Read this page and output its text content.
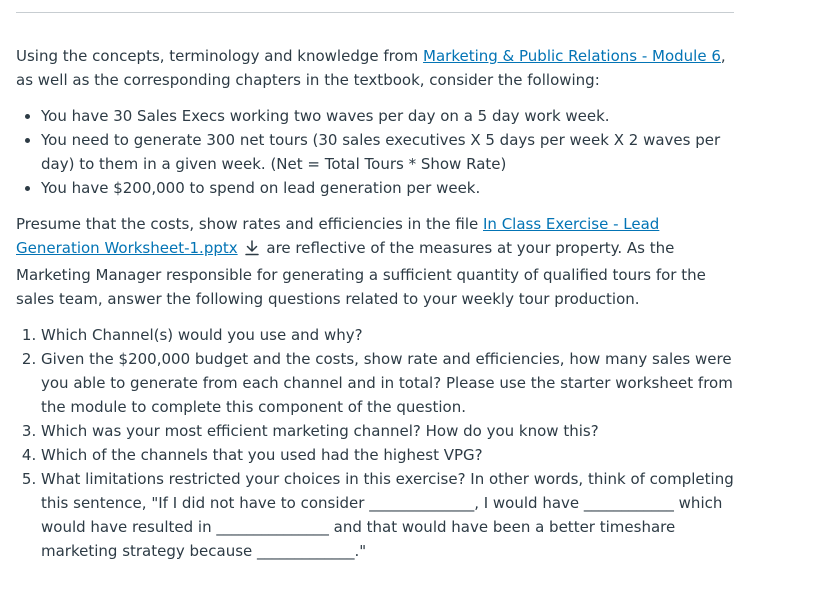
Using the concepts, terminology and knowledge from Marketing & Public Relations - Module 6, as well as the corresponding chapters in the textbook, consider the following:

• You have 30 Sales Execs working two waves per day on a 5 day work week.
• You need to generate 300 net tours (30 sales executives X 5 days per week X 2 waves per day) to them in a given week. (Net = Total Tours * Show Rate)
• You have $200,000 to spend on lead generation per week.

Presume that the costs, show rates and efficiencies in the file In Class Exercise - Lead Generation Worksheet-1.pptx are reflective of the measures at your property. As the Marketing Manager responsible for generating a sufficient quantity of qualified tours for the sales team, answer the following questions related to your weekly tour production.

1. Which Channel(s) would you use and why?
2. Given the $200,000 budget and the costs, show rate and efficiencies, how many sales were you able to generate from each channel and in total? Please use the starter worksheet from the module to complete this component of the question.
3. Which was your most efficient marketing channel? How do you know this?
4. Which of the channels that you used had the highest VPG?
5. What limitations restricted your choices in this exercise? In other words, think of completing this sentence, "If I did not have to consider ______________, I would have ____________ which would have resulted in _______________ and that would have been a better timeshare marketing strategy because _____________."
